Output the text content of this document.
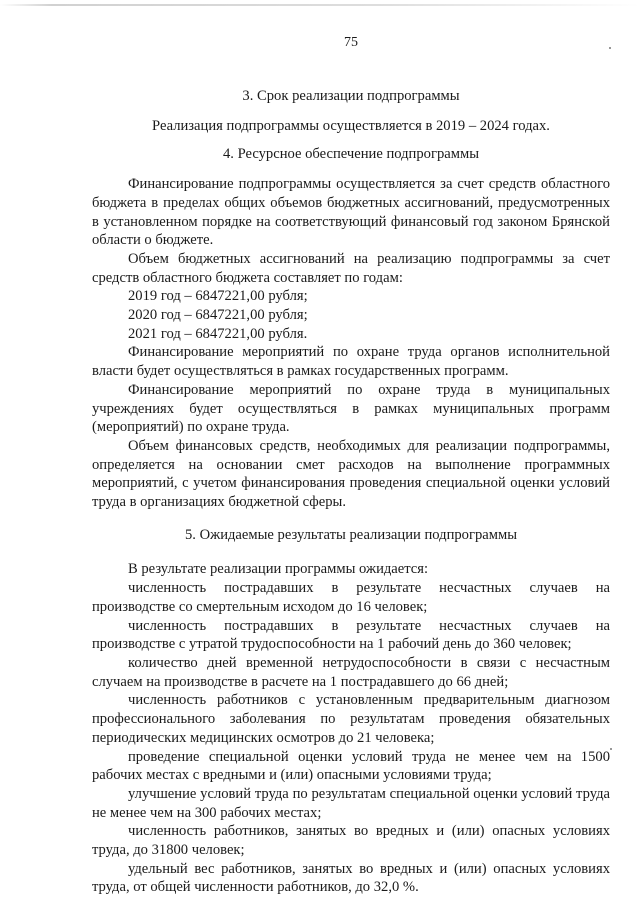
75
3. Срок реализации подпрограммы

Реализация подпрограммы осуществляется в 2019 – 2024 годах.

4. Ресурсное обеспечение подпрограммы

Финансирование подпрограммы осуществляется за счет средств областного бюджета в пределах общих объемов бюджетных ассигнований, предусмотренных в установленном порядке на соответствующий финансовый год законом Брянской области о бюджете.

Объем бюджетных ассигнований на реализацию подпрограммы за счет средств областного бюджета составляет по годам:

2019 год – 6847221,00 рубля;

2020 год – 6847221,00 рубля;

2021 год – 6847221,00 рубля.

Финансирование мероприятий по охране труда органов исполнительной власти будет осуществляться в рамках государственных программ.

Финансирование мероприятий по охране труда в муниципальных учреждениях будет осуществляться в рамках муниципальных программ (мероприятий) по охране труда.

Объем финансовых средств, необходимых для реализации подпрограммы, определяется на основании смет расходов на выполнение программных мероприятий, с учетом финансирования проведения специальной оценки условий труда в организациях бюджетной сферы.

5. Ожидаемые результаты реализации подпрограммы

В результате реализации программы ожидается:

численность пострадавших в результате несчастных случаев на производстве со смертельным исходом до 16 человек;

численность пострадавших в результате несчастных случаев на производстве с утратой трудоспособности на 1 рабочий день до 360 человек;

количество дней временной нетрудоспособности в связи с несчастным случаем на производстве в расчете на 1 пострадавшего до 66 дней;

численность работников с установленным предварительным диагнозом профессионального заболевания по результатам проведения обязательных периодических медицинских осмотров до 21 человека;

проведение специальной оценки условий труда не менее чем на 1500 рабочих местах с вредными и (или) опасными условиями труда;

улучшение условий труда по результатам специальной оценки условий труда не менее чем на 300 рабочих местах;

численность работников, занятых во вредных и (или) опасных условиях труда, до 31800 человек;

удельный вес работников, занятых во вредных и (или) опасных условиях труда, от общей численности работников, до 32,0 %.
